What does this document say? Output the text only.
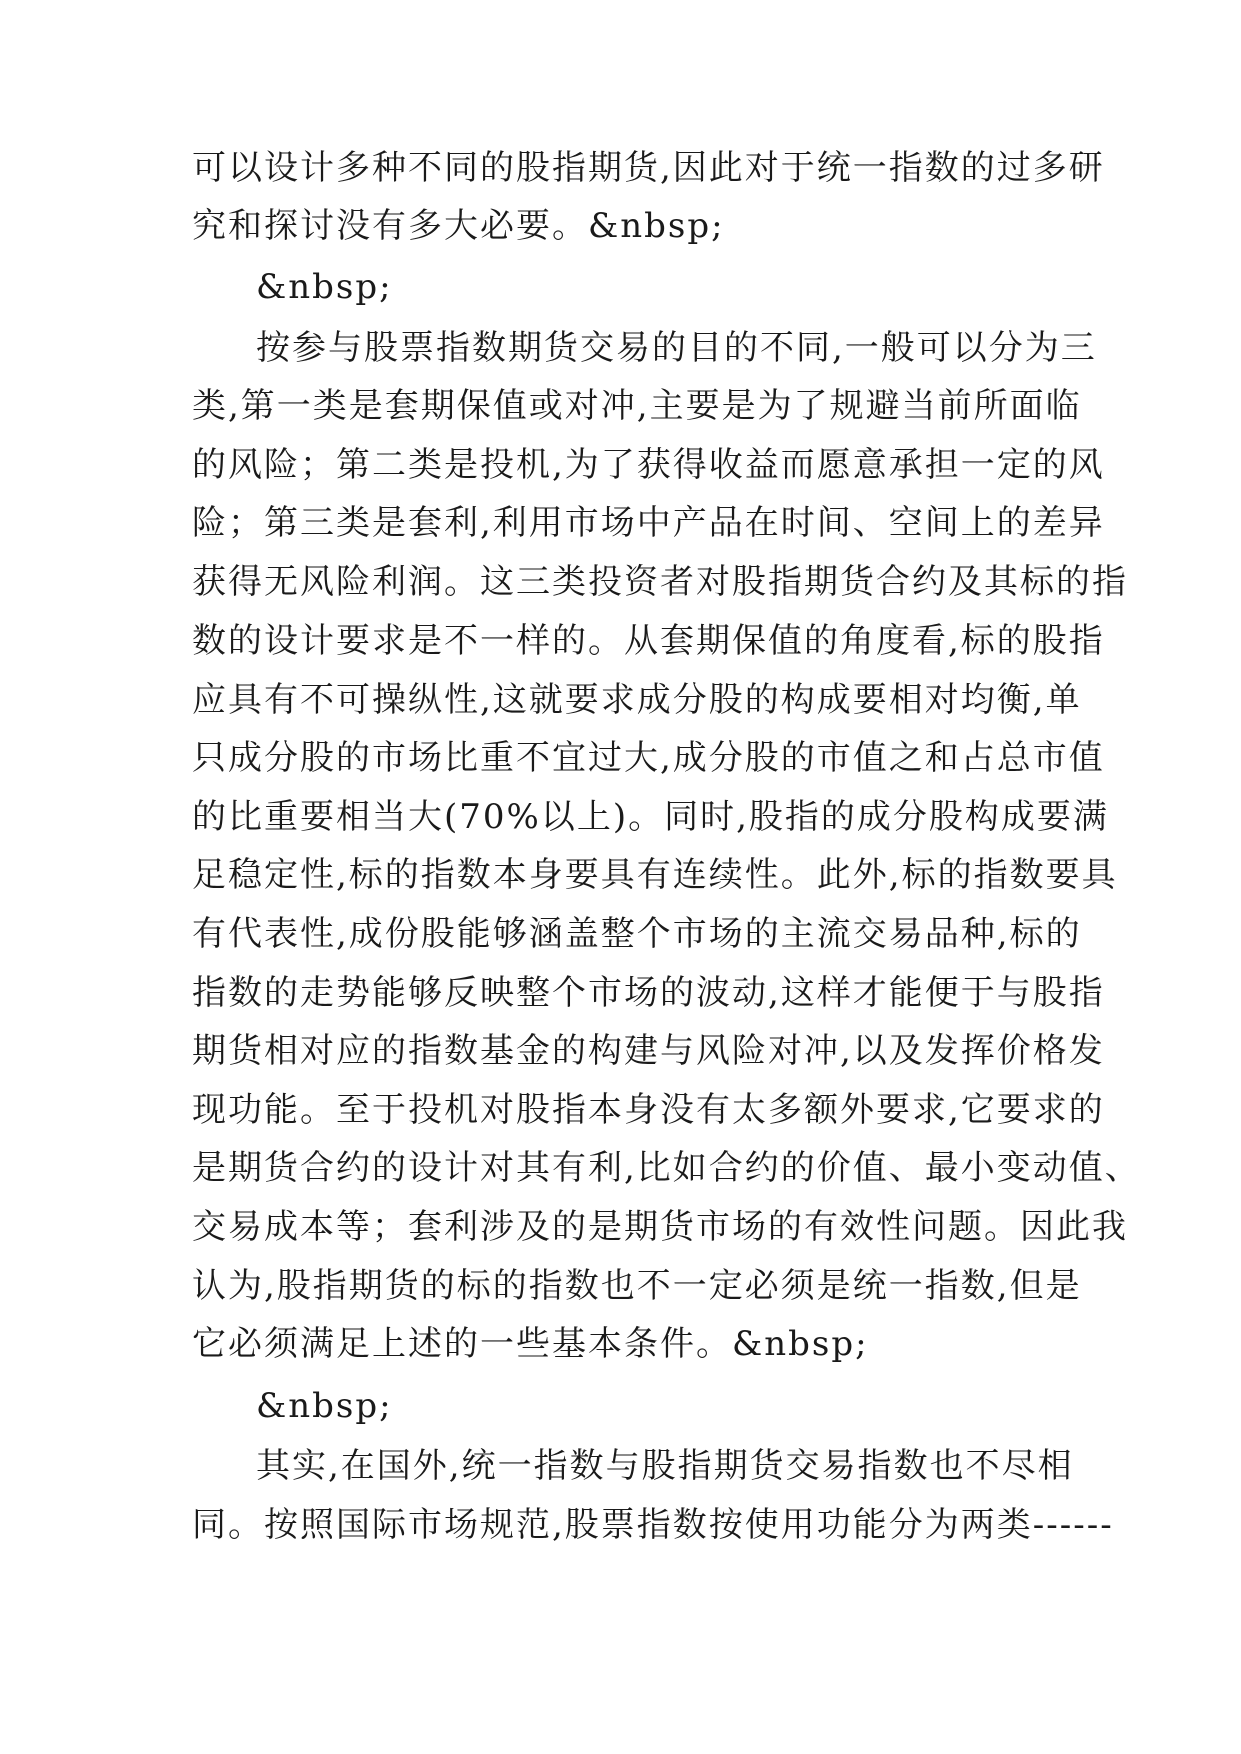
可以设计多种不同的股指期货,因此对于统一指数的过多研
究和探讨没有多大必要。&nbsp;
&nbsp;
按参与股票指数期货交易的目的不同,一般可以分为三
类,第一类是套期保值或对冲,主要是为了规避当前所面临
的风险；第二类是投机,为了获得收益而愿意承担一定的风
险；第三类是套利,利用市场中产品在时间、空间上的差异
获得无风险利润。这三类投资者对股指期货合约及其标的指
数的设计要求是不一样的。从套期保值的角度看,标的股指
应具有不可操纵性,这就要求成分股的构成要相对均衡,单
只成分股的市场比重不宜过大,成分股的市值之和占总市值
的比重要相当大(70%以上)。同时,股指的成分股构成要满
足稳定性,标的指数本身要具有连续性。此外,标的指数要具
有代表性,成份股能够涵盖整个市场的主流交易品种,标的
指数的走势能够反映整个市场的波动,这样才能便于与股指
期货相对应的指数基金的构建与风险对冲,以及发挥价格发
现功能。至于投机对股指本身没有太多额外要求,它要求的
是期货合约的设计对其有利,比如合约的价值、最小变动值、
交易成本等；套利涉及的是期货市场的有效性问题。因此我
认为,股指期货的标的指数也不一定必须是统一指数,但是
它必须满足上述的一些基本条件。&nbsp;
&nbsp;
其实,在国外,统一指数与股指期货交易指数也不尽相
同。按照国际市场规范,股票指数按使用功能分为两类------
